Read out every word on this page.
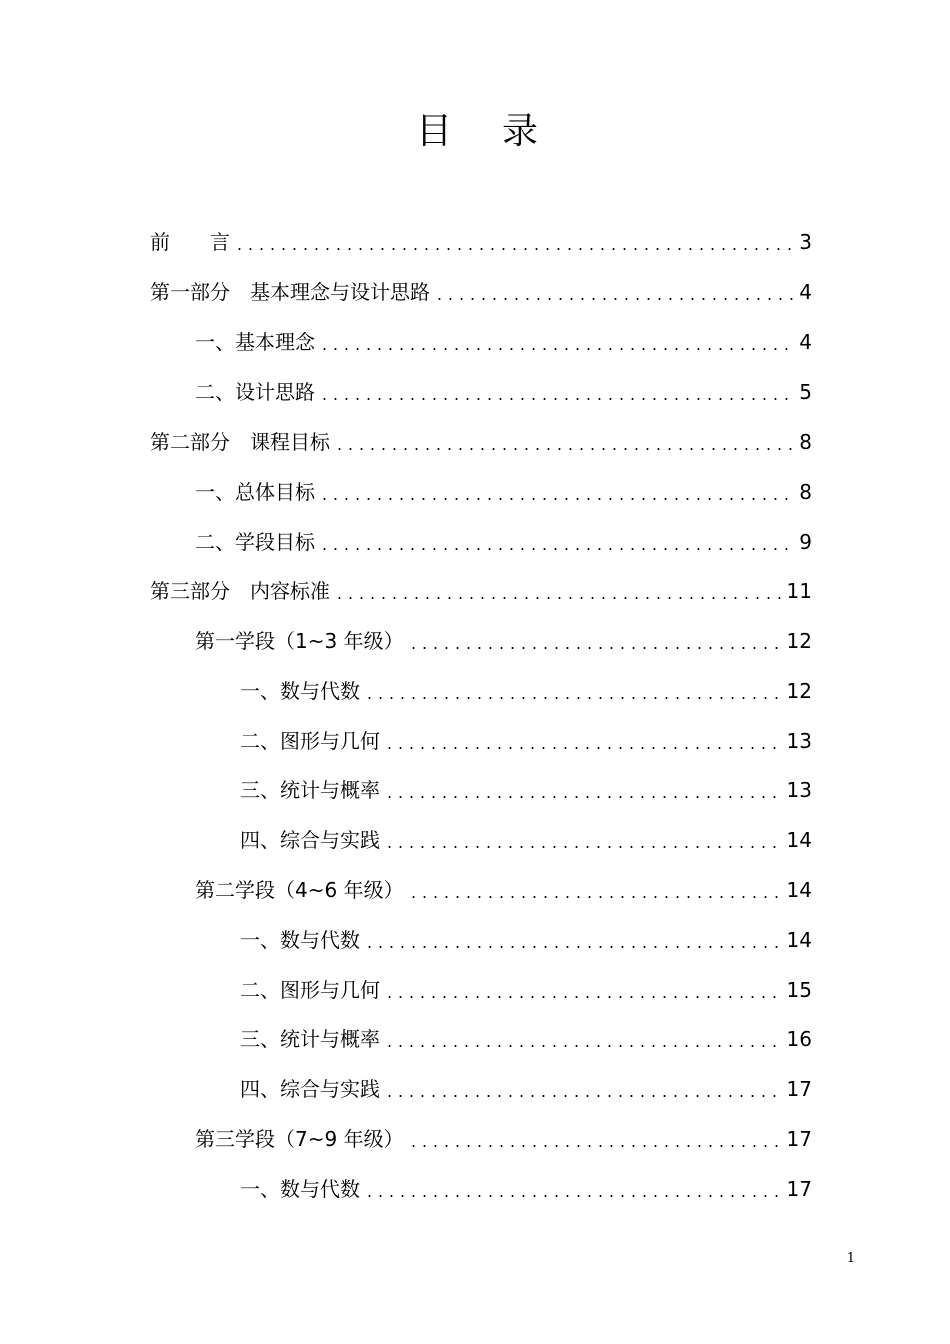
目录
前　　言	3
第一部分　基本理念与设计思路	4
一、基本理念	4
二、设计思路	5
第二部分　课程目标	8
一、总体目标	8
二、学段目标	9
第三部分　内容标准	11
第一学段（1~3 年级）	12
一、数与代数	12
二、图形与几何	13
三、统计与概率	13
四、综合与实践	14
第二学段（4~6 年级）	14
一、数与代数	14
二、图形与几何	15
三、统计与概率	16
四、综合与实践	17
第三学段（7~9 年级）	17
一、数与代数	17
1
